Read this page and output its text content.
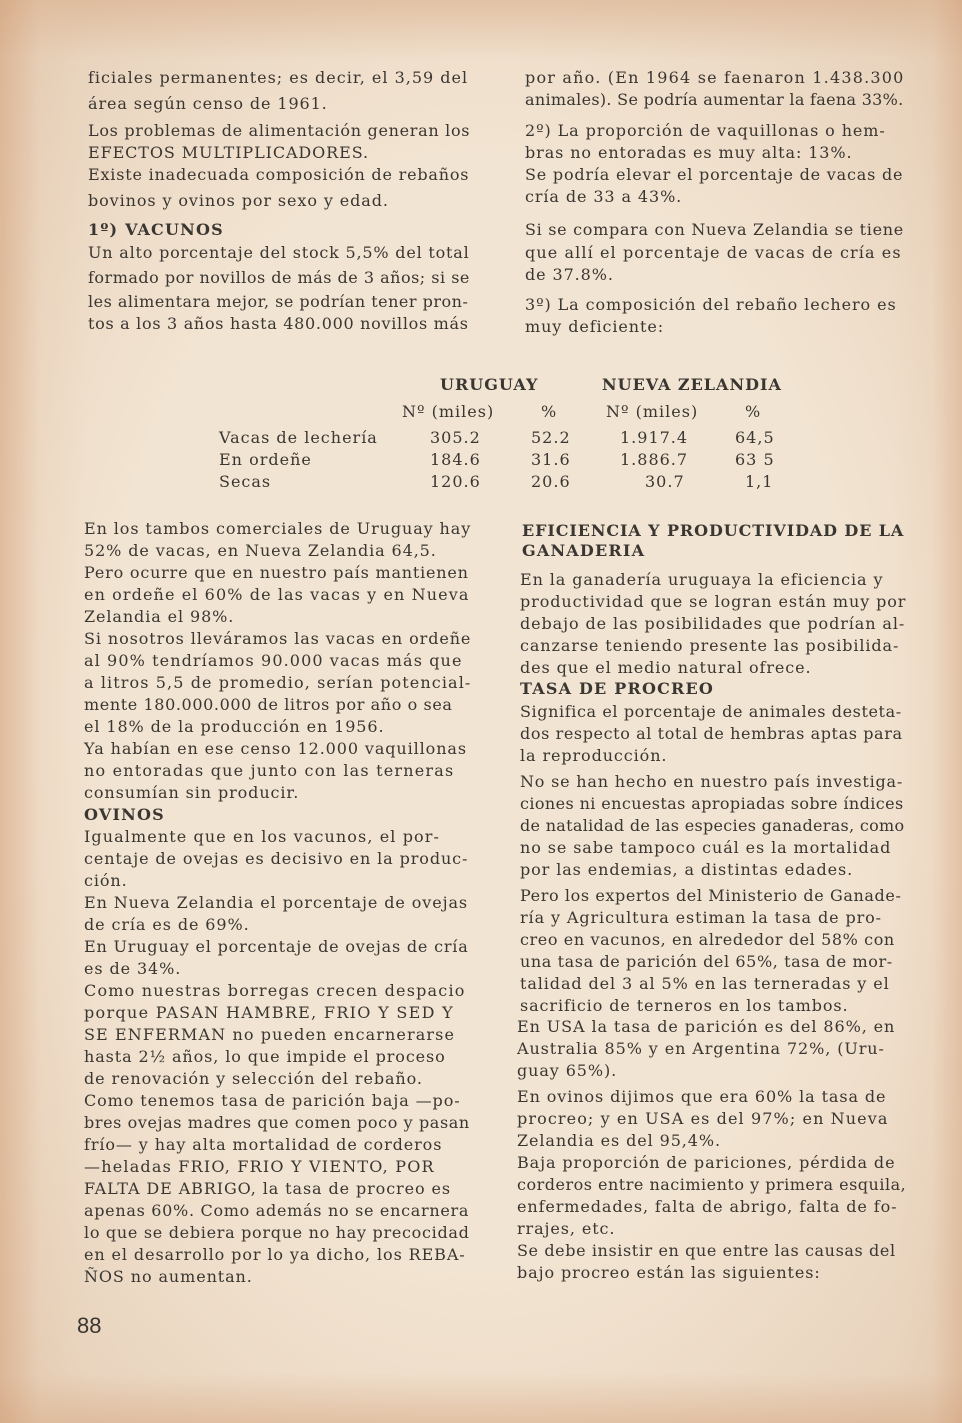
ficiales permanentes; es decir, el 3,59 del
área según censo de 1961.
Los problemas de alimentación generan los
EFECTOS MULTIPLICADORES.
Existe inadecuada composición de rebaños
bovinos y ovinos por sexo y edad.
1º) VACUNOS
Un alto porcentaje del stock 5,5% del total
formado por novillos de más de 3 años; si se
les alimentara mejor, se podrían tener pron-
tos a los 3 años hasta 480.000 novillos más
por año. (En 1964 se faenaron 1.438.300
animales). Se podría aumentar la faena 33%.
2º) La proporción de vaquillonas o hem-
bras no entoradas es muy alta: 13%.
Se podría elevar el porcentaje de vacas de
cría de 33 a 43%.
Si se compara con Nueva Zelandia se tiene
que allí el porcentaje de vacas de cría es
de 37.8%.
3º) La composición del rebaño lechero es
muy deficiente:
URUGUAY	NUEVA ZELANDIA
Nº (miles)	%	Nº (miles)	%
Vacas de lechería	305.2	52.2	1.917.4	64,5
En ordeñe	184.6	31.6	1.886.7	63 5
Secas	120.6	20.6	30.7	1,1
En los tambos comerciales de Uruguay hay
52% de vacas, en Nueva Zelandia 64,5.
Pero ocurre que en nuestro país mantienen
en ordeñe el 60% de las vacas y en Nueva
Zelandia el 98%.
Si nosotros lleváramos las vacas en ordeñe
al 90% tendríamos 90.000 vacas más que
a litros 5,5 de promedio, serían potencial-
mente 180.000.000 de litros por año o sea
el 18% de la producción en 1956.
Ya habían en ese censo 12.000 vaquillonas
no entoradas que junto con las terneras
consumían sin producir.
OVINOS
Igualmente que en los vacunos, el por-
centaje de ovejas es decisivo en la produc-
ción.
En Nueva Zelandia el porcentaje de ovejas
de cría es de 69%.
En Uruguay el porcentaje de ovejas de cría
es de 34%.
Como nuestras borregas crecen despacio
porque PASAN HAMBRE, FRIO Y SED Y
SE ENFERMAN no pueden encarnerarse
hasta 2½ años, lo que impide el proceso
de renovación y selección del rebaño.
Como tenemos tasa de parición baja —po-
bres ovejas madres que comen poco y pasan
frío— y hay alta mortalidad de corderos
—heladas FRIO, FRIO Y VIENTO, POR
FALTA DE ABRIGO, la tasa de procreo es
apenas 60%. Como además no se encarnera
lo que se debiera porque no hay precocidad
en el desarrollo por lo ya dicho, los REBA-
ÑOS no aumentan.
EFICIENCIA Y PRODUCTIVIDAD DE LA
GANADERIA
En la ganadería uruguaya la eficiencia y
productividad que se logran están muy por
debajo de las posibilidades que podrían al-
canzarse teniendo presente las posibilida-
des que el medio natural ofrece.
TASA DE PROCREO
Significa el porcentaje de animales desteta-
dos respecto al total de hembras aptas para
la reproducción.
No se han hecho en nuestro país investiga-
ciones ni encuestas apropiadas sobre índices
de natalidad de las especies ganaderas, como
no se sabe tampoco cuál es la mortalidad
por las endemias, a distintas edades.
Pero los expertos del Ministerio de Ganade-
ría y Agricultura estiman la tasa de pro-
creo en vacunos, en alrededor del 58% con
una tasa de parición del 65%, tasa de mor-
talidad del 3 al 5% en las terneradas y el
sacrificio de terneros en los tambos.
En USA la tasa de parición es del 86%, en
Australia 85% y en Argentina 72%, (Uru-
guay 65%).
En ovinos dijimos que era 60% la tasa de
procreo; y en USA es del 97%; en Nueva
Zelandia es del 95,4%.
Baja proporción de pariciones, pérdida de
corderos entre nacimiento y primera esquila,
enfermedades, falta de abrigo, falta de fo-
rrajes, etc.
Se debe insistir en que entre las causas del
bajo procreo están las siguientes:
88
